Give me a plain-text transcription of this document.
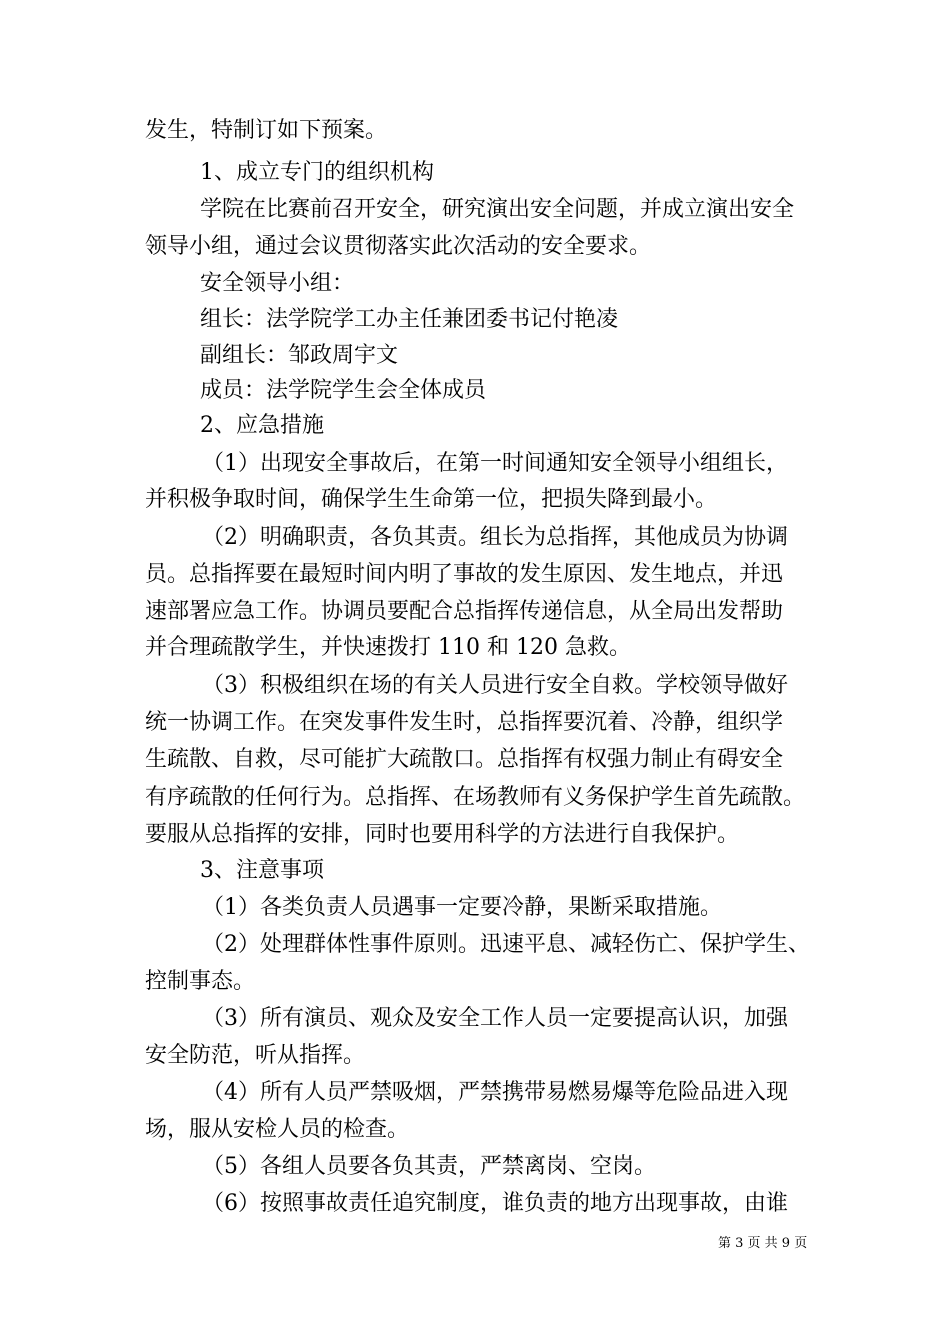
发生，特制订如下预案。
1、成立专门的组织机构
学院在比赛前召开安全，研究演出安全问题，并成立演出安全
领导小组，通过会议贯彻落实此次活动的安全要求。
安全领导小组：
组长：法学院学工办主任兼团委书记付艳凌
副组长：邹政周宇文
成员：法学院学生会全体成员
2、应急措施
（1）出现安全事故后，在第一时间通知安全领导小组组长，
并积极争取时间，确保学生生命第一位，把损失降到最小。
（2）明确职责，各负其责。组长为总指挥，其他成员为协调
员。总指挥要在最短时间内明了事故的发生原因、发生地点，并迅
速部署应急工作。协调员要配合总指挥传递信息，从全局出发帮助
并合理疏散学生，并快速拨打 110 和 120 急救。
（3）积极组织在场的有关人员进行安全自救。学校领导做好
统一协调工作。在突发事件发生时，总指挥要沉着、冷静，组织学
生疏散、自救，尽可能扩大疏散口。总指挥有权强力制止有碍安全
有序疏散的任何行为。总指挥、在场教师有义务保护学生首先疏散。
要服从总指挥的安排，同时也要用科学的方法进行自我保护。
3、注意事项
（1）各类负责人员遇事一定要冷静，果断采取措施。
（2）处理群体性事件原则。迅速平息、减轻伤亡、保护学生、
控制事态。
（3）所有演员、观众及安全工作人员一定要提高认识，加强
安全防范，听从指挥。
（4）所有人员严禁吸烟，严禁携带易燃易爆等危险品进入现
场，服从安检人员的检查。
（5）各组人员要各负其责，严禁离岗、空岗。
（6）按照事故责任追究制度，谁负责的地方出现事故，由谁
第 3 页 共 9 页
